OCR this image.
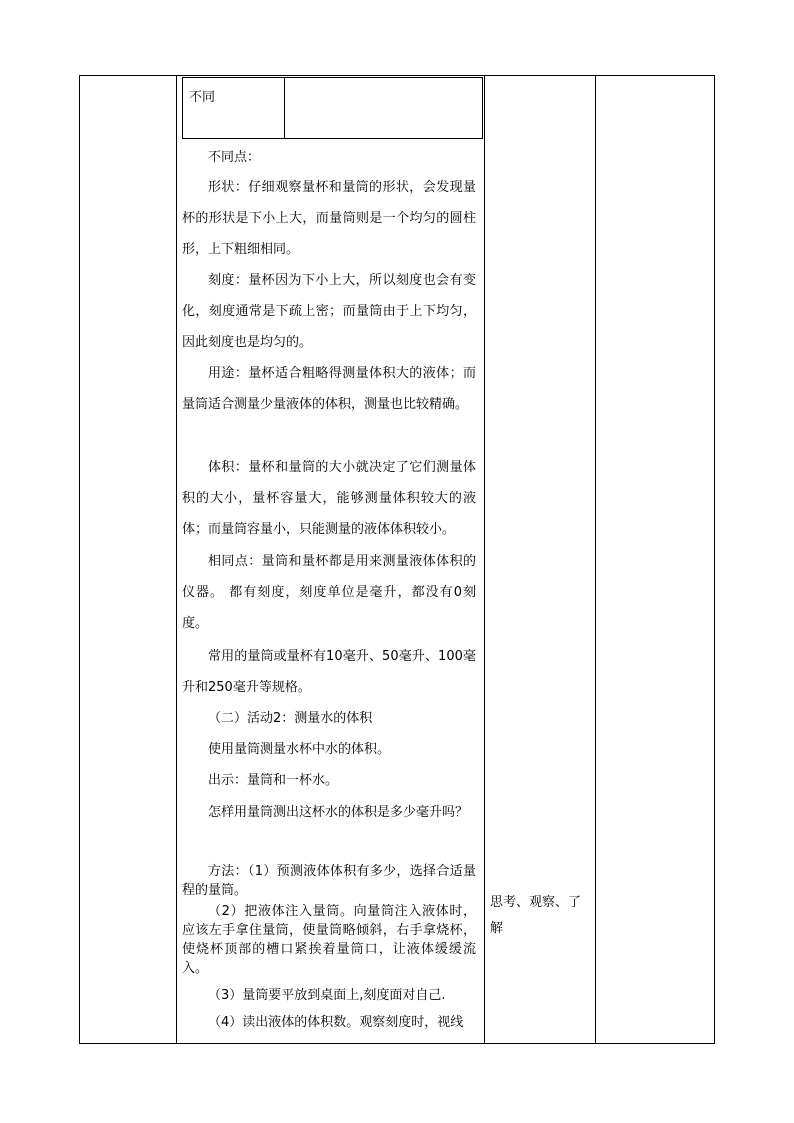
不同
不同点：
形状：仔细观察量杯和量筒的形状，会发现量杯的形状是下小上大，而量筒则是一个均匀的圆柱形，上下粗细相同。
刻度：量杯因为下小上大，所以刻度也会有变化，刻度通常是下疏上密；而量筒由于上下均匀，因此刻度也是均匀的。
用途：量杯适合粗略得测量体积大的液体；而量筒适合测量少量液体的体积，测量也比较精确。
体积：量杯和量筒的大小就决定了它们测量体积的大小，量杯容量大，能够测量体积较大的液体；而量筒容量小，只能测量的液体体积较小。
相同点：量筒和量杯都是用来测量液体体积的仪器。 都有刻度，刻度单位是毫升，都没有0刻度。
常用的量筒或量杯有10毫升、50毫升、100毫升和250毫升等规格。
（二）活动2：测量水的体积
使用量筒测量水杯中水的体积。
出示：量筒和一杯水。
怎样用量筒测出这杯水的体积是多少毫升吗？
方法：（1）预测液体体积有多少，选择合适量程的量筒。
（2）把液体注入量筒。向量筒注入液体时，应该左手拿住量筒，使量筒略倾斜，右手拿烧杯，使烧杯顶部的槽口紧挨着量筒口，让液体缓缓流入。
（3）量筒要平放到桌面上,刻度面对自己.
（4）读出液体的体积数。观察刻度时，视线
思考、观察、了解
